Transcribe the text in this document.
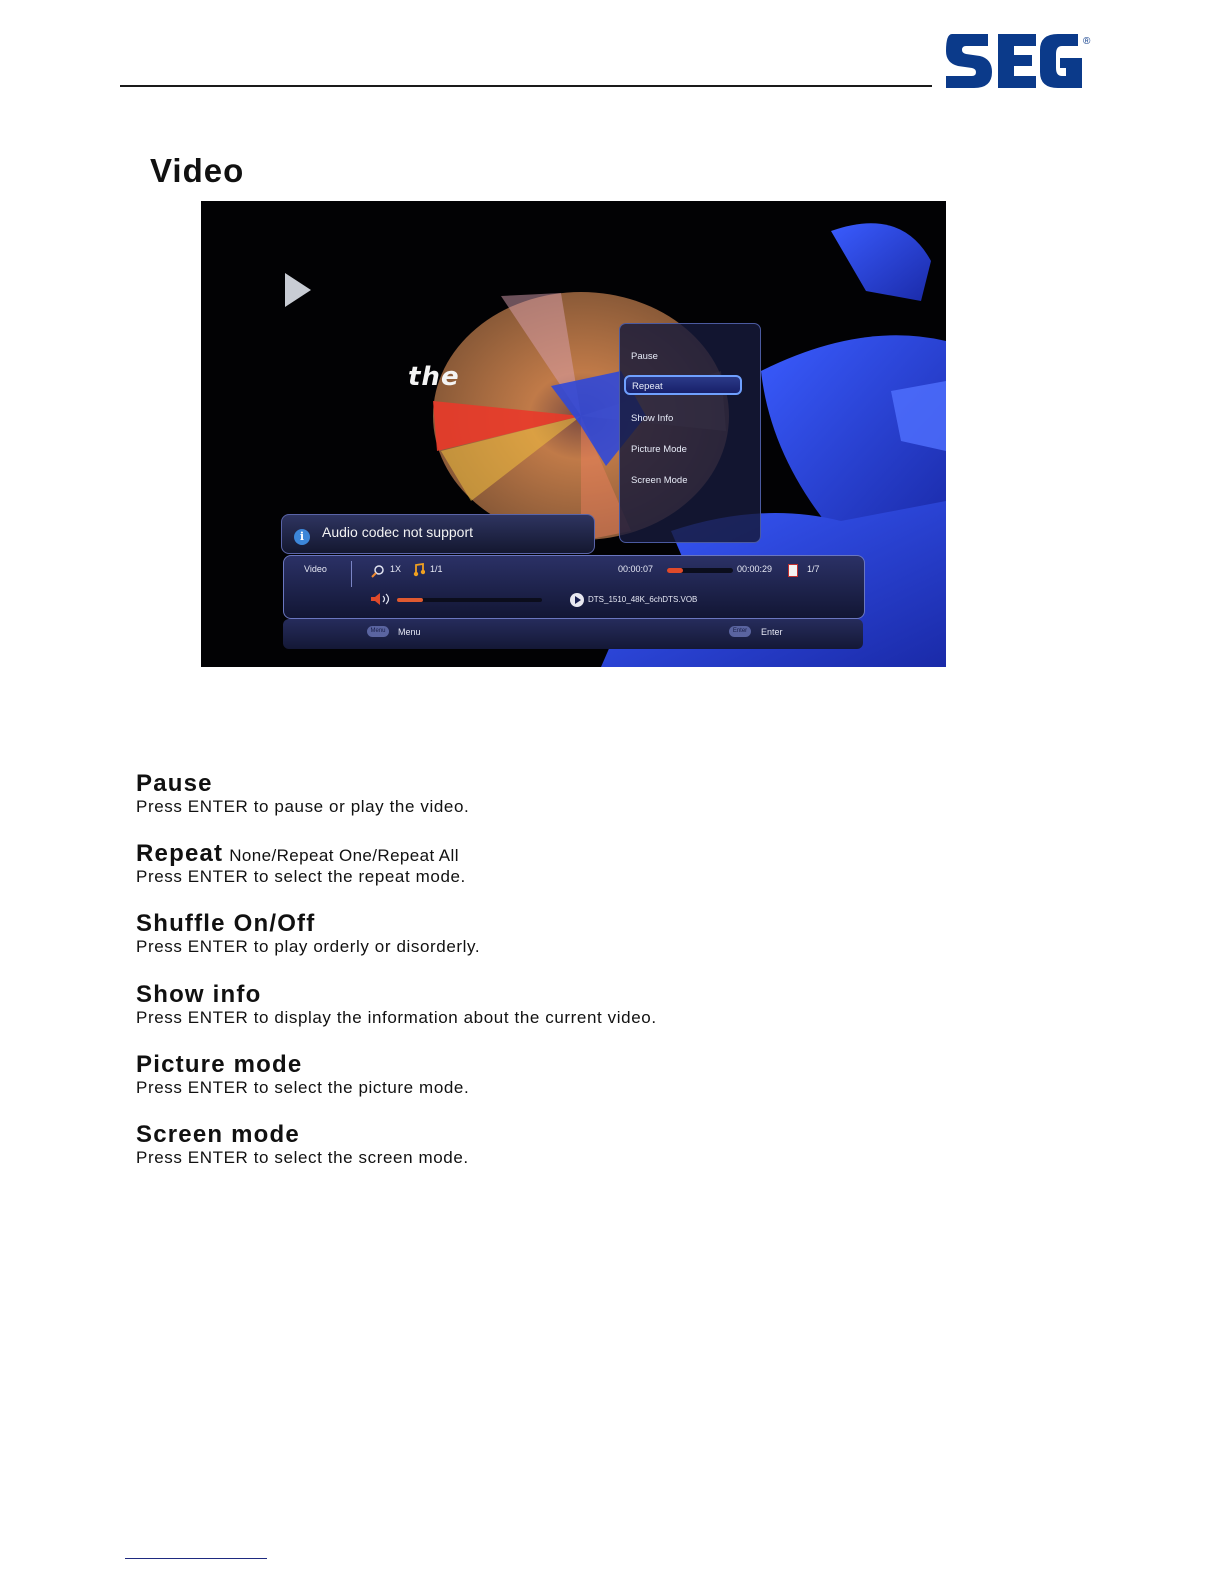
®
Video
the
Pause
Repeat
Show Info
Picture Mode
Screen Mode
i	Audio codec not support
Video	1X	1/1	00:00:07	00:00:29	1/7
DTS_1510_48K_6chDTS.VOB
Menu	Menu	Enter	Enter
Pause
Press ENTER to pause or play the video.
Repeat None/Repeat One/Repeat All
Press ENTER to select the repeat mode.
Shuffle On/Off
Press ENTER to play orderly or disorderly.
Show info
Press ENTER to display the information about the current video.
Picture mode
Press ENTER to select the picture mode.
Screen mode
Press ENTER to select the screen mode.
